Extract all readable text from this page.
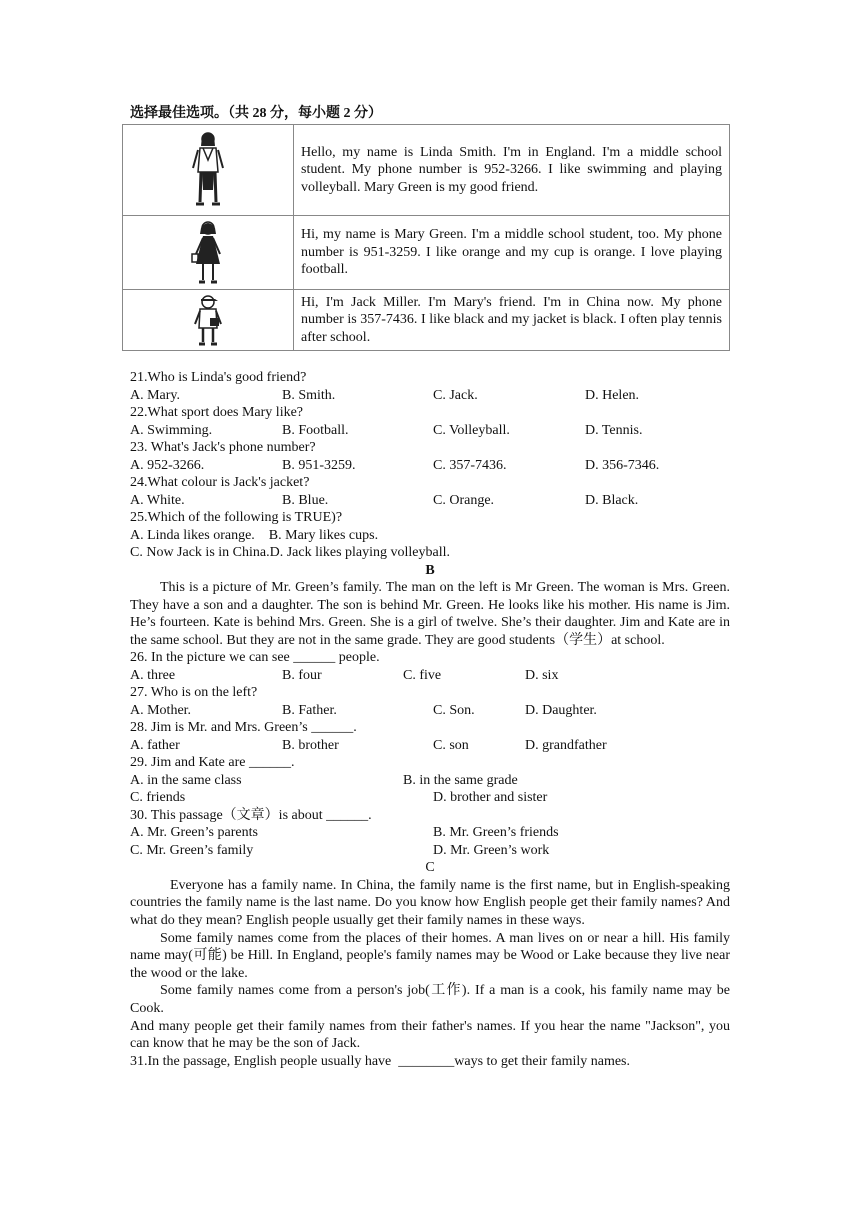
选择最佳选项。（共 28 分，每小题 2 分）
	Hello, my name is Linda Smith. I'm in England. I'm a middle school student. My phone number is 952-3266. I like swimming and playing volleyball. Mary Green is my good friend.

	Hi, my name is Mary Green. I'm a middle school student, too. My phone number is 951-3259. I like orange and my cup is orange. I love playing football.

	Hi, I'm Jack Miller. I'm Mary's friend. I'm in China now. My phone number is 357-7436. I like black and my jacket is black. I often play tennis after school.
21.Who is Linda's good friend?
A. Mary.	B. Smith.	C. Jack.	D. Helen.
22.What sport does Mary like?
A. Swimming.	B. Football.	C. Volleyball.	D. Tennis.
23. What's Jack's phone number?
A. 952-3266.	B. 951-3259.	C. 357-7436.	D. 356-7346.
24.What colour is Jack's jacket?
A. White.	B. Blue.	C. Orange.	D. Black.
25.Which of the following is TRUE)?
A. Linda likes orange.    B. Mary likes cups.
C. Now Jack is in China.D. Jack likes playing volleyball.
B
This is a picture of Mr. Green’s family. The man on the left is Mr Green. The woman is Mrs. Green. They have a son and a daughter. The son is behind Mr. Green. He looks like his mother. His name is Jim. He’s fourteen. Kate is behind Mrs. Green. She is a girl of twelve. She’s their daughter. Jim and Kate are in the same school. But they are not in the same grade. They are good students（学生）at school.
26. In the picture we can see ______ people.
A. three	B. four	C. five	D. six
27. Who is on the left?
A. Mother.	B. Father.	C. Son.	D. Daughter.
28. Jim is Mr. and Mrs. Green’s ______.
A. father	B. brother	C. son	D. grandfather
29. Jim and Kate are ______.
A. in the same class	B. in the same grade
C. friends	D. brother and sister
30. This passage（文章）is about ______.
A. Mr. Green’s parents	B. Mr. Green’s friends
C. Mr. Green’s family	D. Mr. Green’s work
C
Everyone has a family name. In China, the family name is the first name, but in English-speaking countries the family name is the last name. Do you know how English people get their family names? And what do they mean? English people usually get their family names in these ways.
Some family names come from the places of their homes. A man lives on or near a hill. His family name may(可能) be Hill. In England, people's family names may be Wood or Lake because they live near the wood or the lake.
Some family names come from a person's job(工作). If a man is a cook, his family name may be Cook.
And many people get their family names from their father's names. If you hear the name "Jackson", you can know that he may be the son of Jack.
31.In the passage, English people usually have  ________ways to get their family names.
